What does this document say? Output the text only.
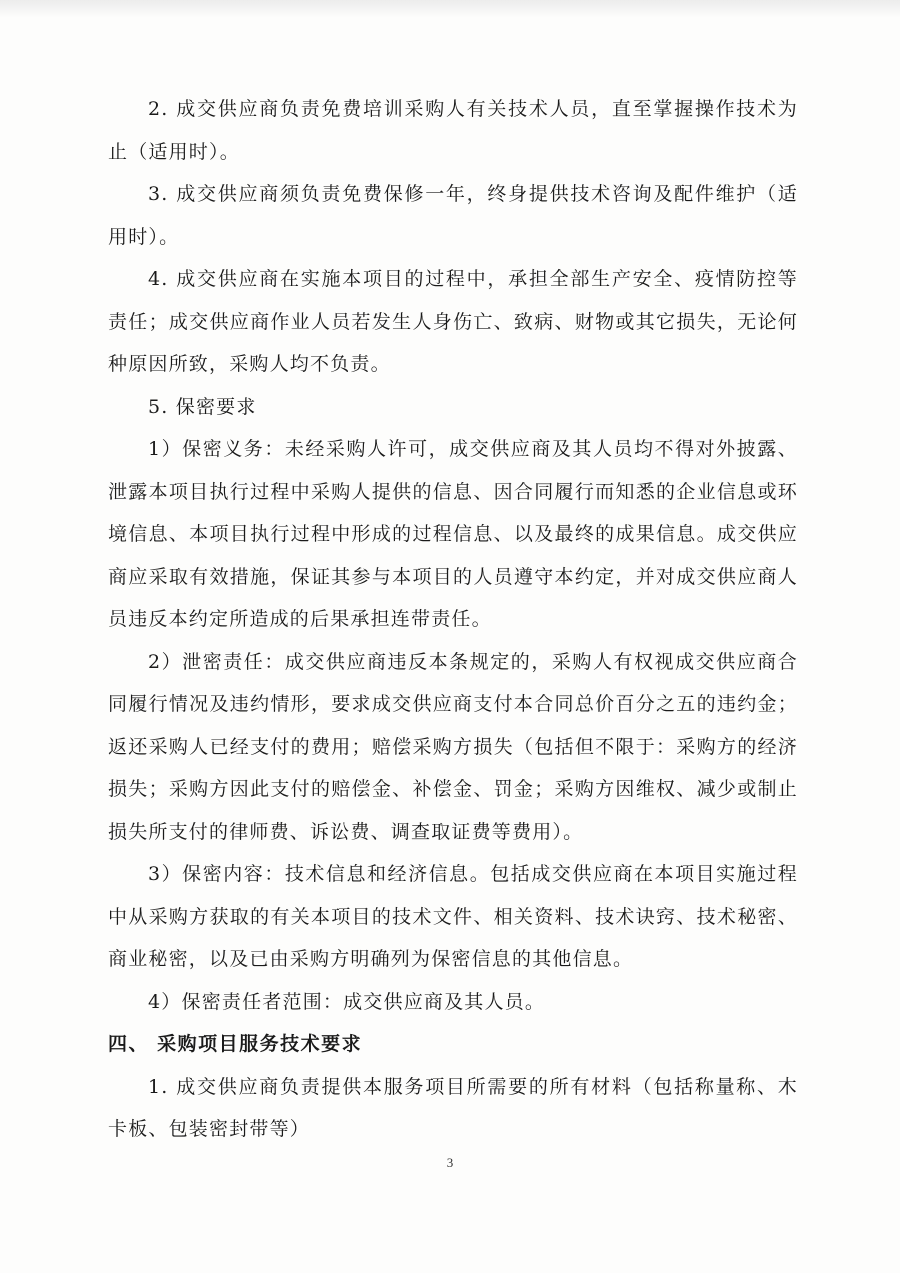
2. 成交供应商负责免费培训采购人有关技术人员，直至掌握操作技术为止（适用时）。

3. 成交供应商须负责免费保修一年，终身提供技术咨询及配件维护（适用时）。

4. 成交供应商在实施本项目的过程中，承担全部生产安全、疫情防控等责任；成交供应商作业人员若发生人身伤亡、致病、财物或其它损失，无论何种原因所致，采购人均不负责。

5. 保密要求

1）保密义务：未经采购人许可，成交供应商及其人员均不得对外披露、泄露本项目执行过程中采购人提供的信息、因合同履行而知悉的企业信息或环境信息、本项目执行过程中形成的过程信息、以及最终的成果信息。成交供应商应采取有效措施，保证其参与本项目的人员遵守本约定，并对成交供应商人员违反本约定所造成的后果承担连带责任。

2）泄密责任：成交供应商违反本条规定的，采购人有权视成交供应商合同履行情况及违约情形，要求成交供应商支付本合同总价百分之五的违约金；返还采购人已经支付的费用；赔偿采购方损失（包括但不限于：采购方的经济损失；采购方因此支付的赔偿金、补偿金、罚金；采购方因维权、减少或制止损失所支付的律师费、诉讼费、调查取证费等费用）。

3）保密内容：技术信息和经济信息。包括成交供应商在本项目实施过程中从采购方获取的有关本项目的技术文件、相关资料、技术诀窍、技术秘密、商业秘密，以及已由采购方明确列为保密信息的其他信息。

4）保密责任者范围：成交供应商及其人员。

四、 采购项目服务技术要求

1. 成交供应商负责提供本服务项目所需要的所有材料（包括称量称、木卡板、包装密封带等）

3
